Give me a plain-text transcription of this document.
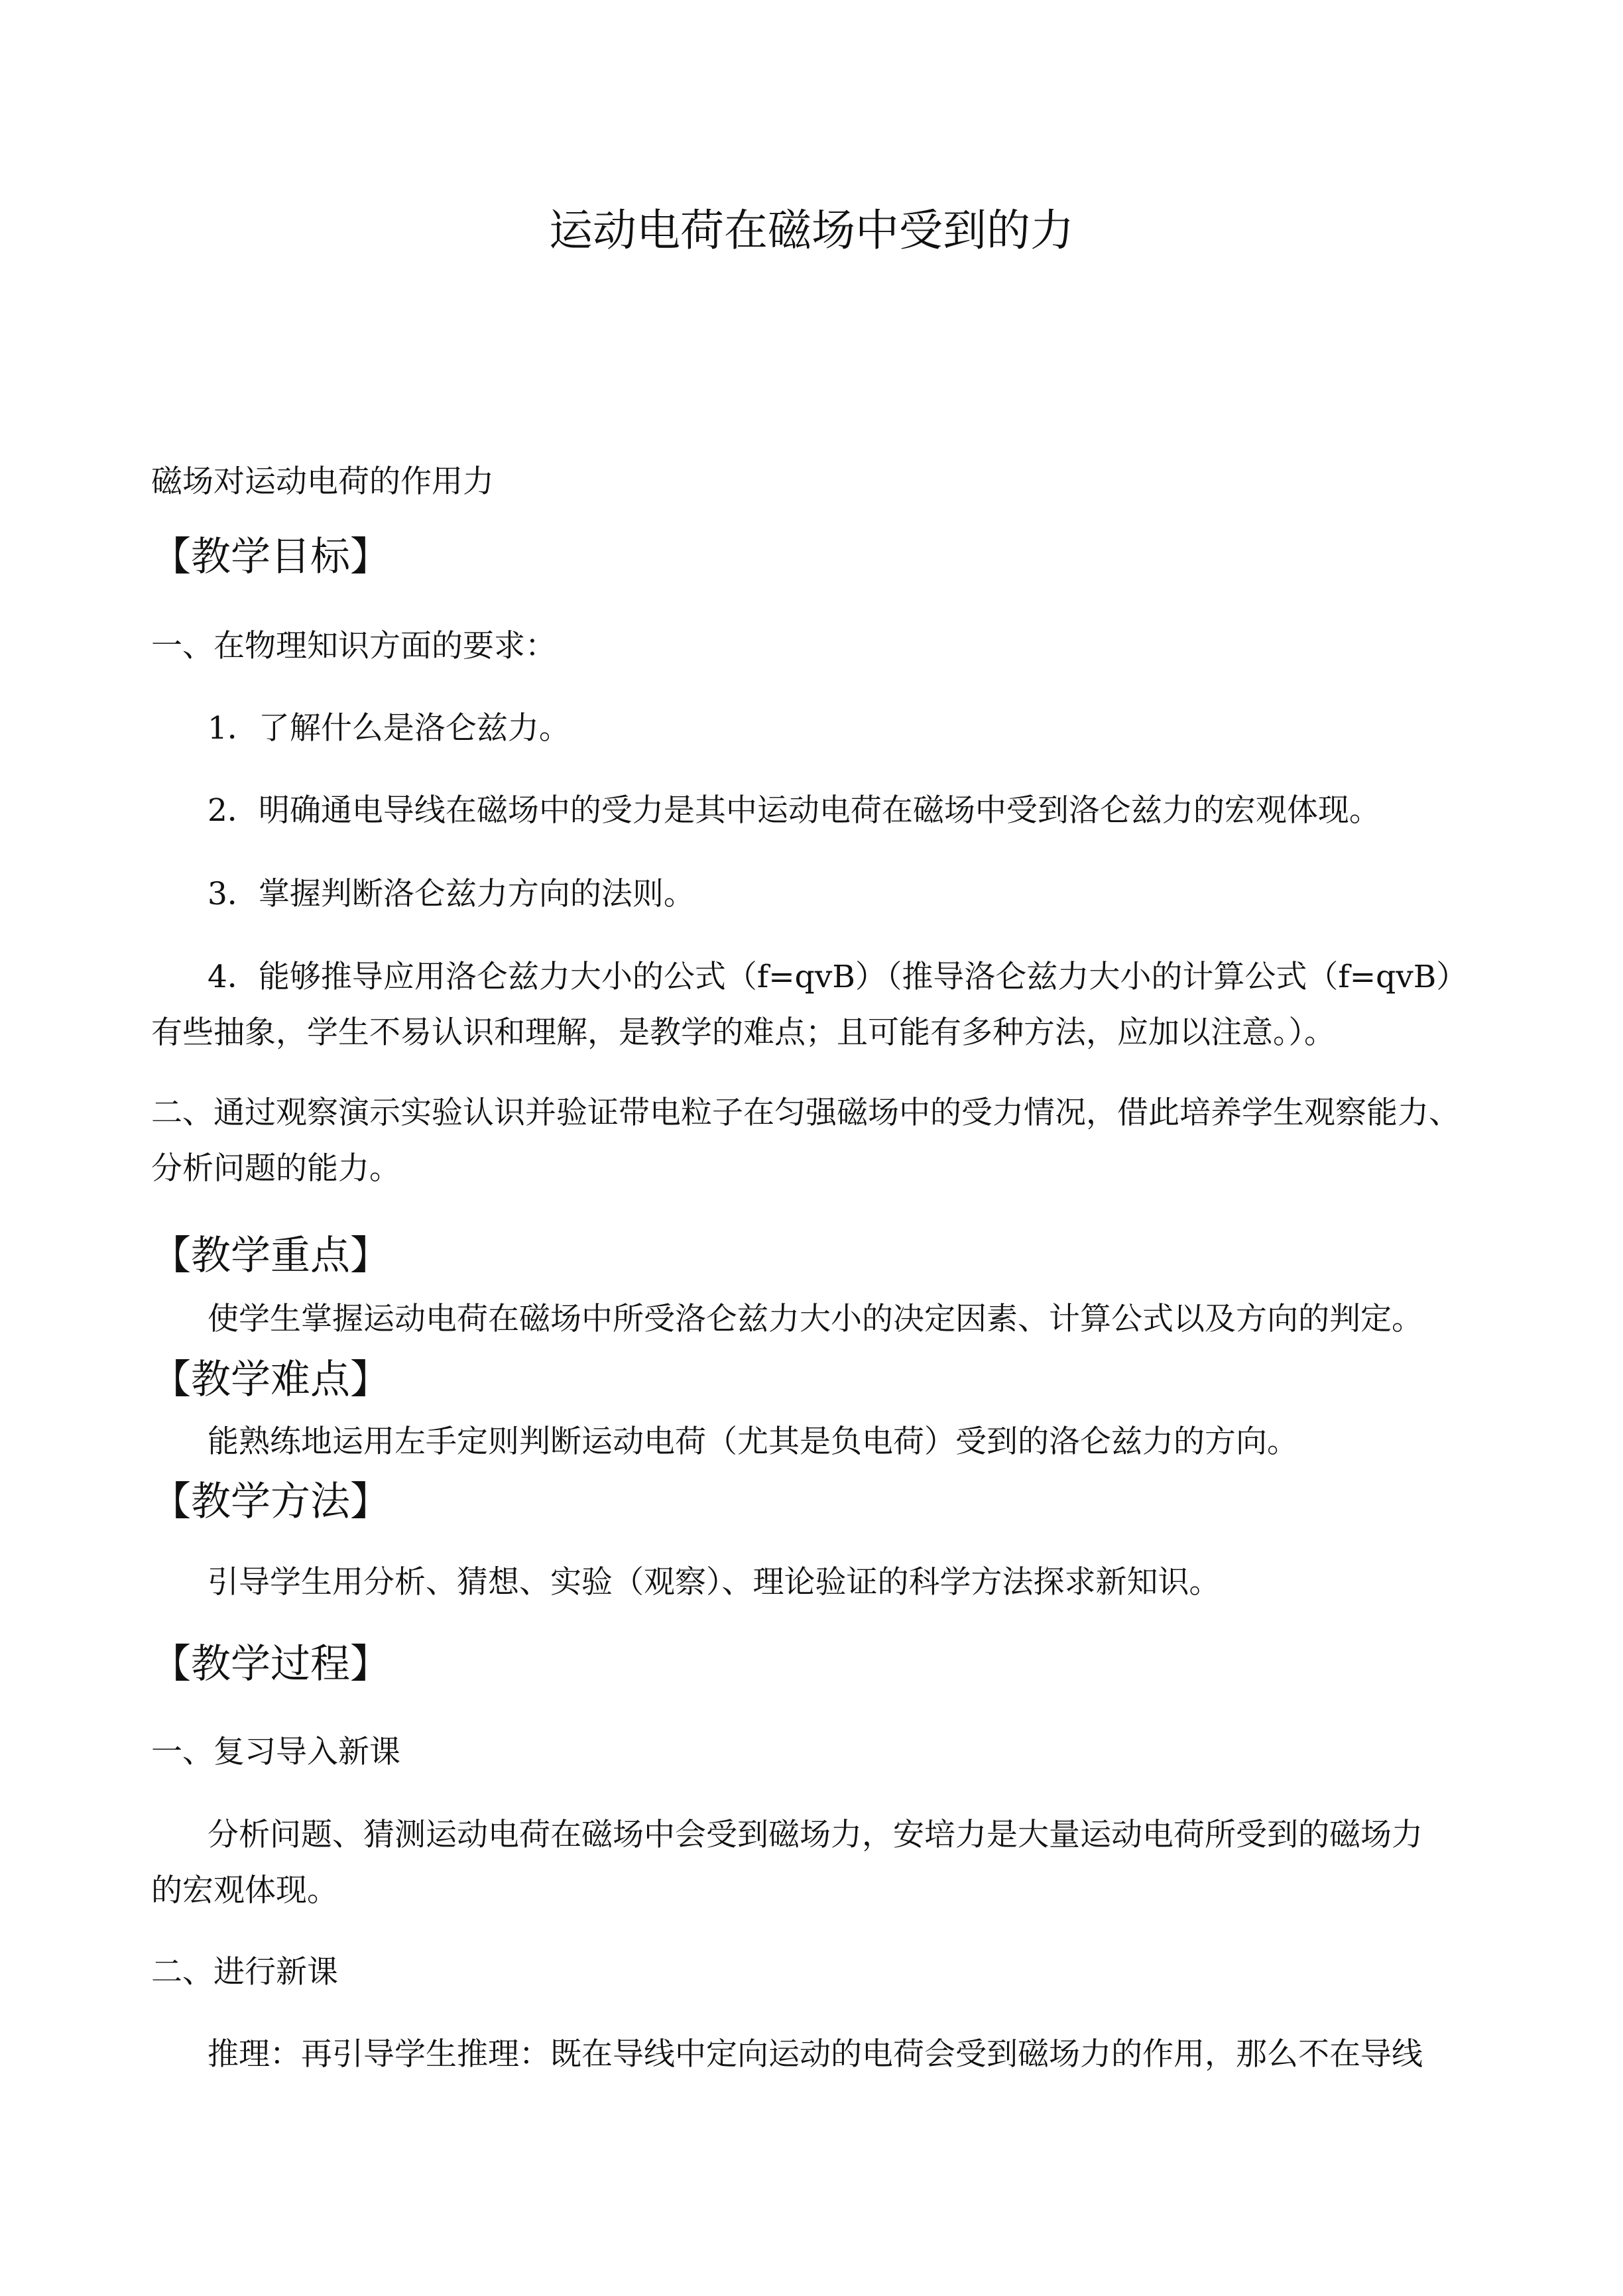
运动电荷在磁场中受到的力
磁场对运动电荷的作用力
【教学目标】
一、在物理知识方面的要求：
1．了解什么是洛仑兹力。
2．明确通电导线在磁场中的受力是其中运动电荷在磁场中受到洛仑兹力的宏观体现。
3．掌握判断洛仑兹力方向的法则。
4．能够推导应用洛仑兹力大小的公式（f=qvB）（推导洛仑兹力大小的计算公式（f=qvB）
有些抽象，学生不易认识和理解，是教学的难点；且可能有多种方法，应加以注意。）。
二、通过观察演示实验认识并验证带电粒子在匀强磁场中的受力情况，借此培养学生观察能力、
分析问题的能力。
【教学重点】
使学生掌握运动电荷在磁场中所受洛仑兹力大小的决定因素、计算公式以及方向的判定。
【教学难点】
能熟练地运用左手定则判断运动电荷（尤其是负电荷）受到的洛仑兹力的方向。
【教学方法】
引导学生用分析、猜想、实验（观察）、理论验证的科学方法探求新知识。
【教学过程】
一、复习导入新课
分析问题、猜测运动电荷在磁场中会受到磁场力，安培力是大量运动电荷所受到的磁场力
的宏观体现。
二、进行新课
推理：再引导学生推理：既在导线中定向运动的电荷会受到磁场力的作用，那么不在导线
